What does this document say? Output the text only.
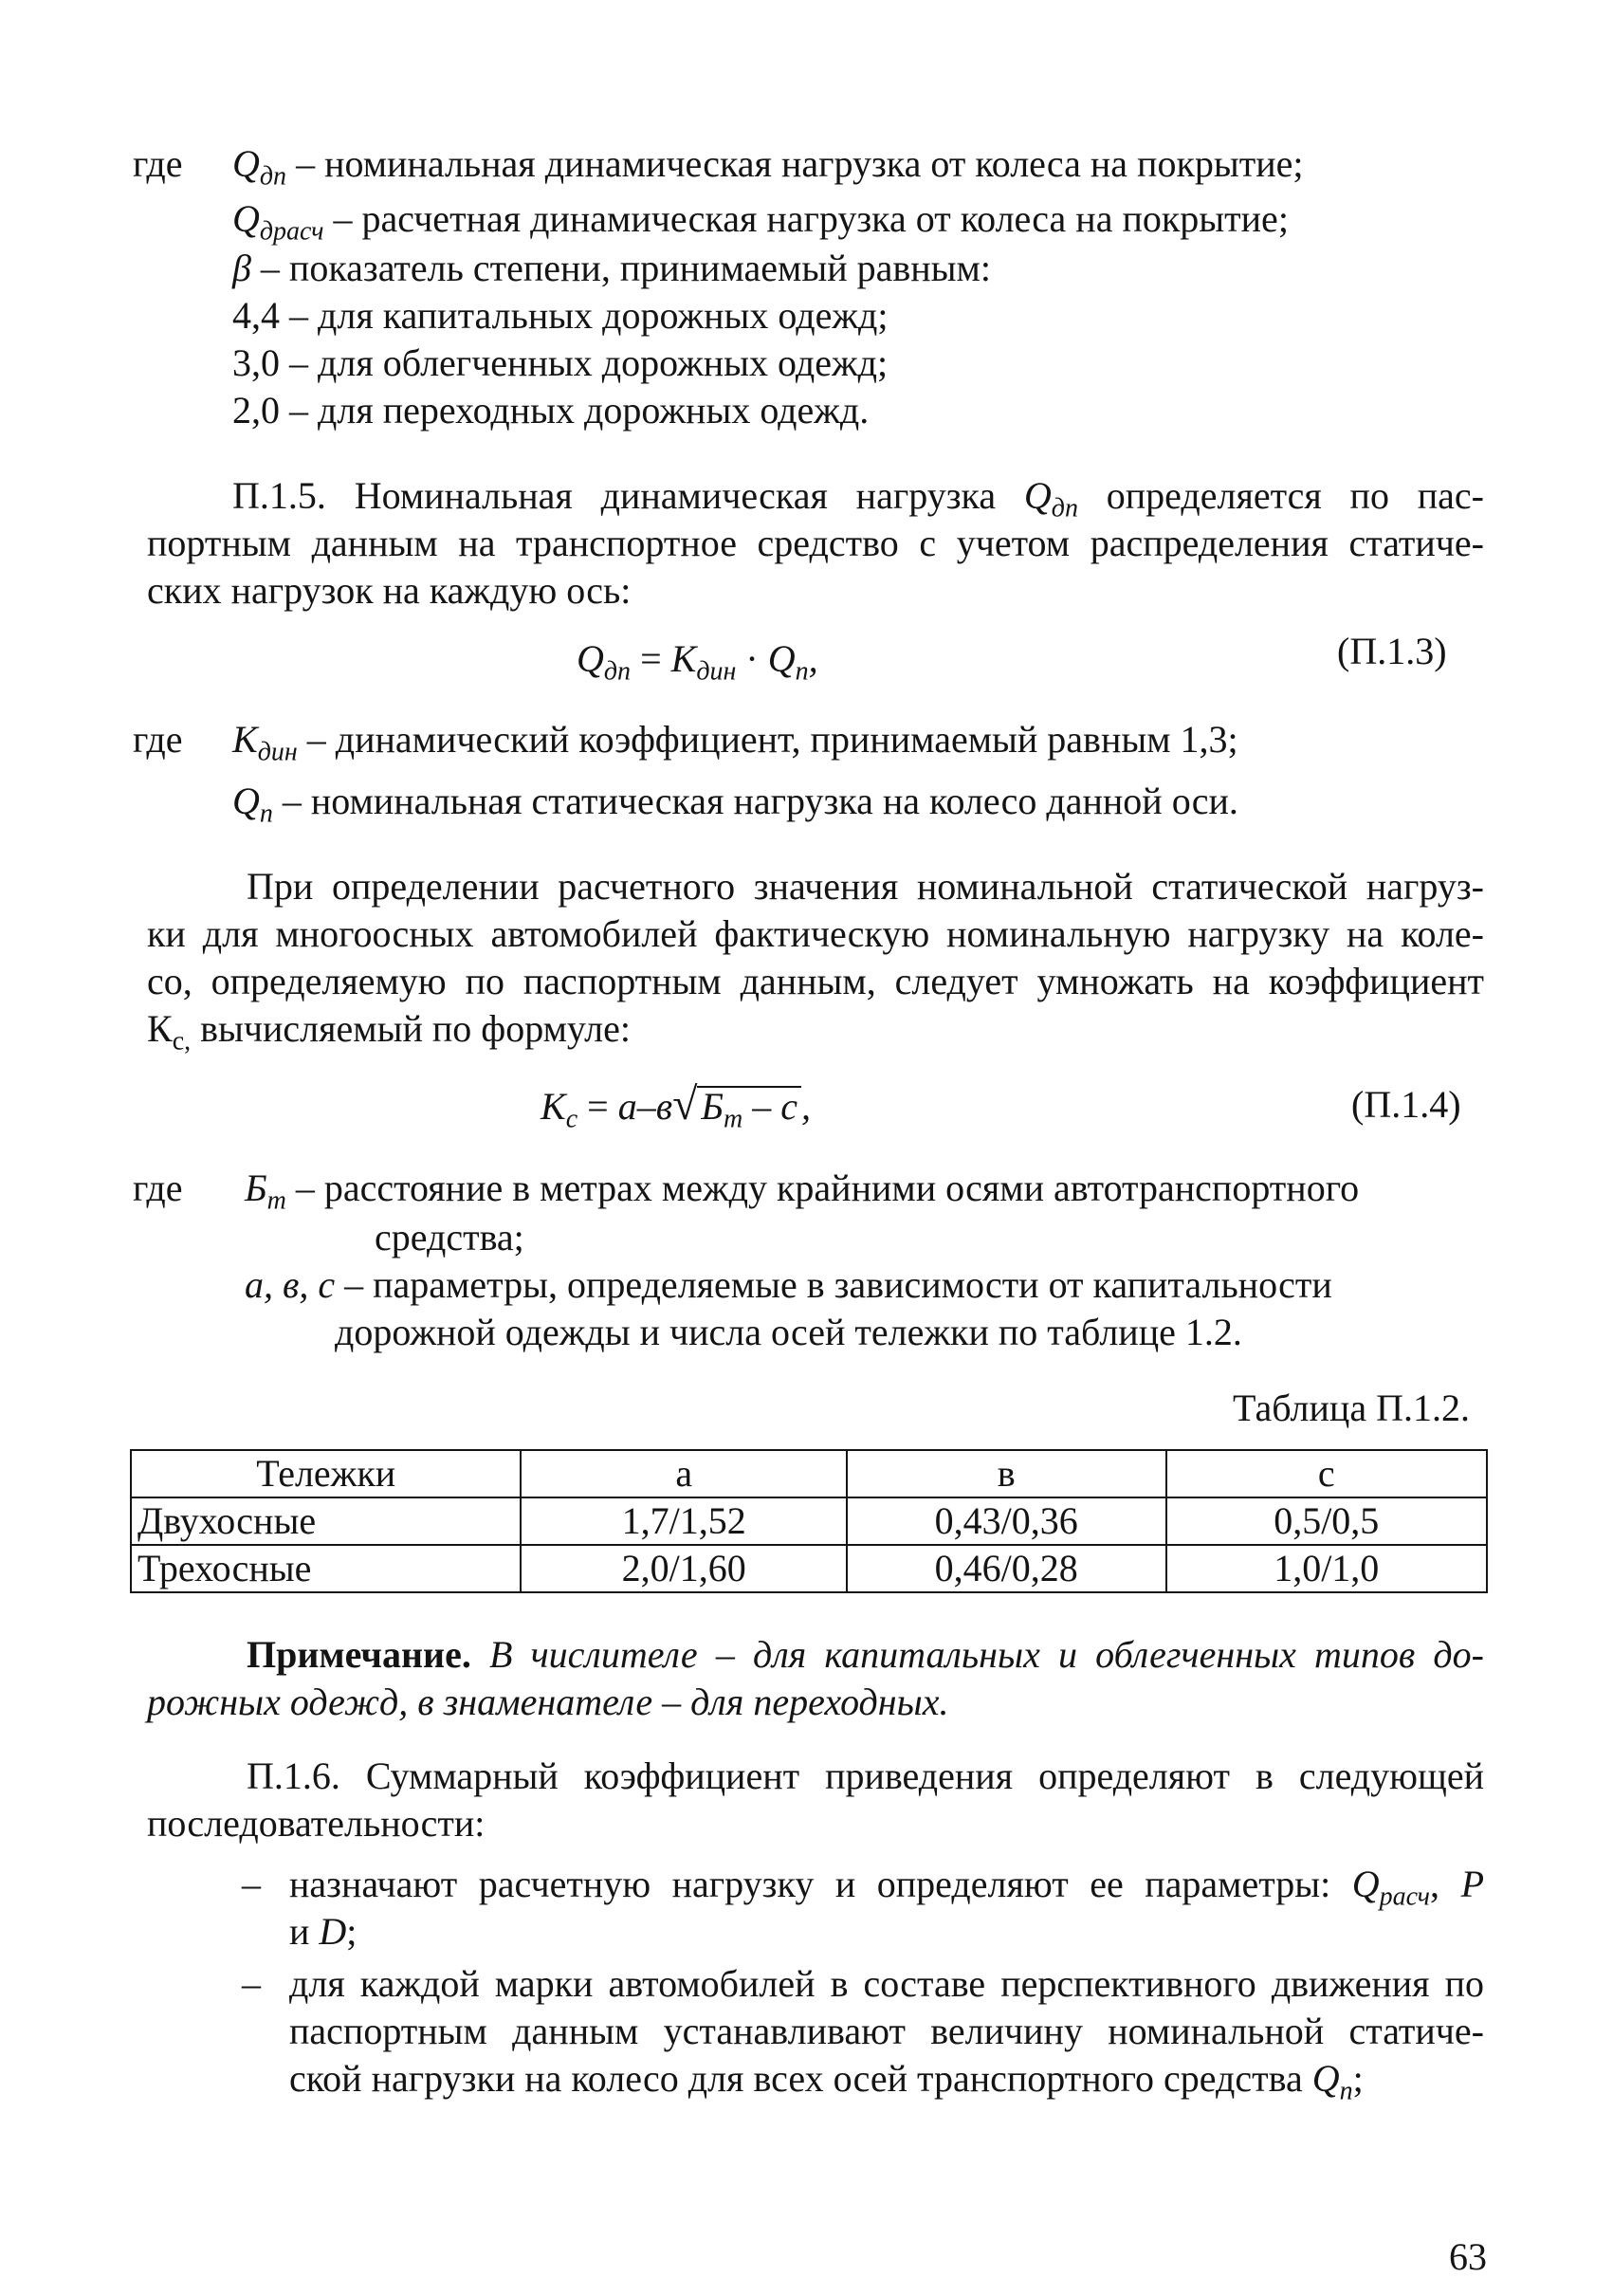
где $Q_{дп}$ – номинальная динамическая нагрузка от колеса на покрытие;
$Q_{драсч}$ – расчетная динамическая нагрузка от колеса на покрытие;
β – показатель степени, принимаемый равным:
4,4 – для капитальных дорожных одежд;
3,0 – для облегченных дорожных одежд;
2,0 – для переходных дорожных одежд.
П.1.5. Номинальная динамическая нагрузка $Q_{дп}$ определяется по пас-
портным данным на транспортное средство с учетом распределения статиче-
ских нагрузок на каждую ось:
$Q_{дп} = K_{дин} \cdot Q_п$,	(П.1.3)
где $K_{дин}$ – динамический коэффициент, принимаемый равным 1,3;
$Q_п$ – номинальная статическая нагрузка на колесо данной оси.
При определении расчетного значения номинальной статической нагруз-
ки для многоосных автомобилей фактическую номинальную нагрузку на коле-
со, определяемую по паспортным данным, следует умножать на коэффициент
$К_{с,}$ вычисляемый по формуле:
$K_с = а-в√$ $Б_т$ – с ,	(П.1.4)
где $Б_т$ – расстояние в метрах между крайними осями автотранспортного
средства;
а, в, с – параметры, определяемые в зависимости от капитальности
дорожной одежды и числа осей тележки по таблице 1.2.
Таблица П.1.2.
Тележки	а	в	с
Двухосные	1,7/1,52	0,43/0,36	0,5/0,5
Трехосные	2,0/1,60	0,46/0,28	1,0/1,0
Примечание. В числителе – для капитальных и облегченных типов до-
рожных одежд, в знаменателе – для переходных.
П.1.6. Суммарный коэффициент приведения определяют в следующей
последовательности:
– назначают расчетную нагрузку и определяют ее параметры: $Q_{расч}$, Р
и D;
– для каждой марки автомобилей в составе перспективного движения по
паспортным данным устанавливают величину номинальной статиче-
ской нагрузки на колесо для всех осей транспортного средства $Q_п$;
63
